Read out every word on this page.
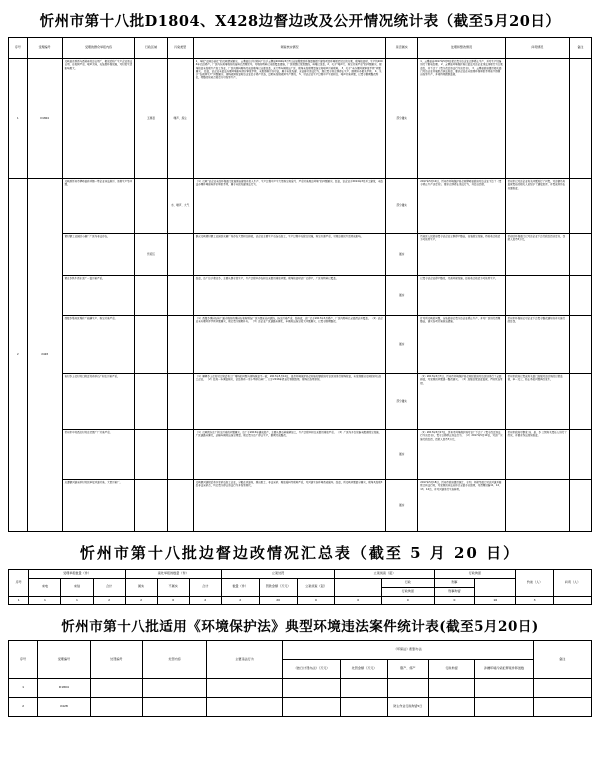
忻州市第十八批D1804、X428边督边改及公开情况统计表（截至5月20日）
序号	受理编号	受理的群众举报内容	行政区域	污染类型	调查核实情况	是否属实	处理和整改情况	问责情况	备注
1	D1804	反映县京原街与西菜巷村边占用厂，相邻后和厂生产企业违法占用，在夜间严重，噪声太响，无装置环保设施，对村民生活影响极大。	五寨县	噪声、扬尘	1、举报“反映沙圣社”的反映情况属实。 五寨县位于村材料厂位于五寨县2004年5月7日全县集聚区环保督察组下建设项目环境规范设立的方案，现场检查时，生产线2004年已经停产。厂区内东南角堆存的废料已清理完毕，对堆存物料已采取覆盖措施，厂区周围已设置围挡，料堆已苫盖。2、关于“噪声大、粉尘污染严重”的问题属实。现场检查未发现生产加工作业，厂区内原料堆场及成品堆场已全部苫盖，无大型车辆进出厂区，现场未发现明显扬尘和噪声污染现象。 3、关于“未办理环保审批手续”问题属实。 经查，该企业未依法办理环境影响评价审批手续，未取得排污许可证，属于未批先建、无证排污违法行为。现已责令其立即停止生产，限期补办相关手续。 4、关于“在夜间生产”问题属实。现场夜间检查时该企业处于停产状态，近期未发现夜间生产情况。 5、对该企业生产过程中产生的粉尘、噪声污染问题，已责令限期整改到位，待整改验收合格后方可恢复生产。	部分属实	1、五寨县自2017年5月8日起已责令该企业立即停止生产，并对生产设备进行了断电处理。 2、五寨县环境保护局已依法对该企业违法违规行为立案查处，并下达了《责令改正违法行为决定书》。 3、五寨县政府组织相关部门对该企业开展联合执法检查，要求企业在未取得环保审批手续前不得擅自恢复生产，并将持续跟踪监管。		
2	X428	反映原忻州市繁峙县砂河镇一带企业非法排污、违规生产等问题。		水、噪声、大气	（1）反映“该企业未经环保部门批准擅自建设并投入生产、生产过程中产生大量粉尘和废气、严重污染周边环境”的问题属实。经查，该企业于2014年3月开工建设，未依法办理环境影响评价审批手续，属于未批先建违法行为。	部分属实	2017年5月10日，忻州市环境保护局会同繁峙县政府对该企业下达了《责令停止生产决定书》，要求立即停止违法行为，并处以罚款。	忻州市已对该企业有关问题进行了问责。对该镇负有监管责任的相关人员给予了通报批评，并责成其作出书面检查。	
		董村镇工业园区小磨厂厂区内非法存在。	忻府区		群众反映董村镇工业园区夹磨厂内存在大量粉尘排放，该企业主要生产石灰石加工，生产过程中无除尘设施，粉尘外逸严重，对周边居民生活造成影响。	属实	忻府区人民政府责令该企业立即停产整治，安装除尘设施，待验收合格后方可恢复生产。	忻府区环保部门已对该企业下达行政处罚决定书，罚款人民币5万元。	
		董庄乡铁牛街水泥厂一直污染严重。			经查，该厂位于董庄乡，主要从事水泥生产，生产过程中存在粉尘无组织排放问题。现场检查时该厂已停产，厂区内物料已覆盖。	属实	已责令该企业停产整改，完善环保设施，经验收合格后方可恢复生产。		
		西陵乡集何区煤矿厂硫磺生产、粉尘污染严重。			（1）西陵乡煤矸石砖厂露天堆存的煤矸石和粉煤灰厂区外围无任何遮挡，扬尘污染严重。经核查，该厂已于2017年3月停产，厂区内物料已全部清运并覆盖。 （2）该企业未办理环评手续问题属实，现已责令限期补办。 （3）该企业厂区道路未硬化，车辆进出扬尘较大问题属实，已责令限期整改。	属实	针对所反映的问题，当地政府已责令该企业停止生产，并对厂区进行清理整治，落实各项污染防治措施。	忻州市环保局已对企业下达责令整改通知书并实施行政处罚。	
		奇村乡上社村村口附近村有砂石厂粉尘污染严重。			（1）解释乡上社村村口附近有三厂堆场的问题与现场核查不一致，2017年5月14日，县市环境保护局会同奇村镇政府对该区域进行现场检查，未发现群众反映的砂石加工企业。 （2）经进一步调查核实，该处原有一家小型砂石料厂，已于2016年底自行拆除取缔，现场已恢复原貌。	部分属实	（1）2017年5月7日，忻州市环境保护局会同区政府对该区域进行了全面排查，对发现的问题逐一整改落实。 （2）加强日常巡查监管，严防死灰复燃。	忻州市政府已责成有关部门加强对该区域的日常监管，举一反三，防止类似问题再次发生。	
		忻州市中村西庄村村庄范围厂厂污染严重。			（1）反映院东庄厂粉尘污染的问题属实。该厂于2015年建成投产，主要从事石料破碎加工，生产过程中粉尘无组织排放严重。 （2）厂区内多台设备未配套除尘设施，厂区道路未硬化，运输车辆进出扬尘明显。现已责令该厂停止生产，限期完成整改。	属实	（1）2017年5月17日，忻州市环境保护局对该厂下达了《责令改正违法行为决定书》，责令立即停止违法行为。 （2）2017年5月19日，对该厂实施行政处罚，罚款人民币3万元。	忻州市政府对事发 地、县、乡 三级有关责任人进行了约谈，并要求作出深刻检查。	
		应遵镇河道采砂村村民举报河道污染，大量污染厂。			反映镇河道附近有多家砂石加工企业，分散在河道内，擅自取土、非法采砂、堆放废料等现象严重，对河道生态环境造成破坏。经查，所反映问题部分属实，现场共发现3处非法采砂点，均已责令停止违法行为并恢复原状。	属实	2017年5月18日，忻州市政府组织国土、水利、环保等部门对该河道开展联合执法行动，对发现的非法采砂点全部予以取缔，共清理设备11、12、13、14台，并对河道进行生态修复。		
忻州市第十八批边督边改情况汇总表（截至 5 月 20 日）
序号	受理举报数量（件）			查处举报的数量（件）			立案处罚			立案侦查（起）		行政拘留		约谈（人）	问责（人）
	来电	来信	合计	属实	不属实	合计	数量（件）	罚款金额（万元）	立案侦查（起）		行政	刑事			
											行政拘留	刑事拘留			
1	1	1	2	2	0	2	2	20	0	0	0	0	16	3	
忻州市第十八批适用《环境保护法》典型环境违法案件统计表(截至5月20日)
序号	受理编号	处罚编号	处罚内容	主要违法行为	《环保法》配套办法					备注
					《按日计罚办法》（万元）	处罚金额（万元）	限产、停产	行政拘留	涉嫌环境污染犯罪案件移送数	
1	D1804									
2	X428						防尘作业行政拘留5日			
